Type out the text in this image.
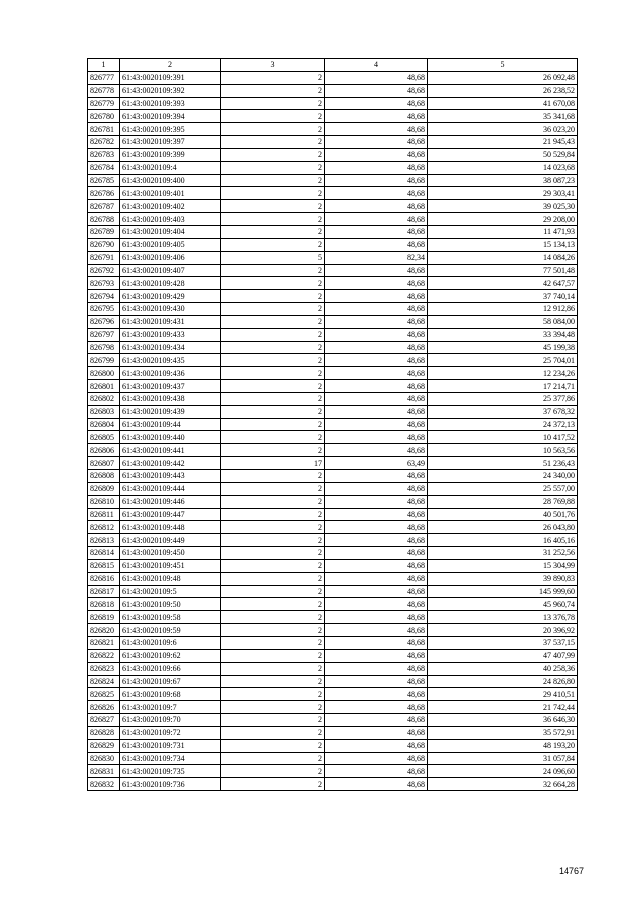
1	2	3	4	5
826777	61:43:0020109:391	2	48,68	26 092,48
826778	61:43:0020109:392	2	48,68	26 238,52
826779	61:43:0020109:393	2	48,68	41 670,08
826780	61:43:0020109:394	2	48,68	35 341,68
826781	61:43:0020109:395	2	48,68	36 023,20
826782	61:43:0020109:397	2	48,68	21 945,43
826783	61:43:0020109:399	2	48,68	50 529,84
826784	61:43:0020109:4	2	48,68	14 023,68
826785	61:43:0020109:400	2	48,68	38 087,23
826786	61:43:0020109:401	2	48,68	29 303,41
826787	61:43:0020109:402	2	48,68	39 025,30
826788	61:43:0020109:403	2	48,68	29 208,00
826789	61:43:0020109:404	2	48,68	11 471,93
826790	61:43:0020109:405	2	48,68	15 134,13
826791	61:43:0020109:406	5	82,34	14 084,26
826792	61:43:0020109:407	2	48,68	77 501,48
826793	61:43:0020109:428	2	48,68	42 647,57
826794	61:43:0020109:429	2	48,68	37 740,14
826795	61:43:0020109:430	2	48,68	12 912,86
826796	61:43:0020109:431	2	48,68	58 084,00
826797	61:43:0020109:433	2	48,68	33 394,48
826798	61:43:0020109:434	2	48,68	45 199,38
826799	61:43:0020109:435	2	48,68	25 704,01
826800	61:43:0020109:436	2	48,68	12 234,26
826801	61:43:0020109:437	2	48,68	17 214,71
826802	61:43:0020109:438	2	48,68	25 377,86
826803	61:43:0020109:439	2	48,68	37 678,32
826804	61:43:0020109:44	2	48,68	24 372,13
826805	61:43:0020109:440	2	48,68	10 417,52
826806	61:43:0020109:441	2	48,68	10 563,56
826807	61:43:0020109:442	17	63,49	51 236,43
826808	61:43:0020109:443	2	48,68	24 340,00
826809	61:43:0020109:444	2	48,68	25 557,00
826810	61:43:0020109:446	2	48,68	28 769,88
826811	61:43:0020109:447	2	48,68	40 501,76
826812	61:43:0020109:448	2	48,68	26 043,80
826813	61:43:0020109:449	2	48,68	16 405,16
826814	61:43:0020109:450	2	48,68	31 252,56
826815	61:43:0020109:451	2	48,68	15 304,99
826816	61:43:0020109:48	2	48,68	39 890,83
826817	61:43:0020109:5	2	48,68	145 999,60
826818	61:43:0020109:50	2	48,68	45 960,74
826819	61:43:0020109:58	2	48,68	13 376,78
826820	61:43:0020109:59	2	48,68	20 396,92
826821	61:43:0020109:6	2	48,68	37 537,15
826822	61:43:0020109:62	2	48,68	47 407,99
826823	61:43:0020109:66	2	48,68	40 258,36
826824	61:43:0020109:67	2	48,68	24 826,80
826825	61:43:0020109:68	2	48,68	29 410,51
826826	61:43:0020109:7	2	48,68	21 742,44
826827	61:43:0020109:70	2	48,68	36 646,30
826828	61:43:0020109:72	2	48,68	35 572,91
826829	61:43:0020109:731	2	48,68	48 193,20
826830	61:43:0020109:734	2	48,68	31 057,84
826831	61:43:0020109:735	2	48,68	24 096,60
826832	61:43:0020109:736	2	48,68	32 664,28
14767
